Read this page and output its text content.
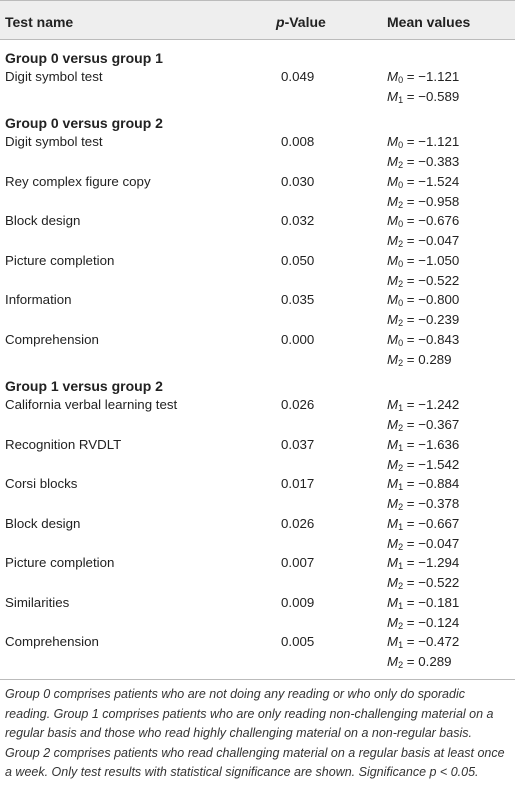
Test name	p-Value	Mean values
Group 0 versus group 1
Digit symbol test	0.049	M0 = −1.121
M1 = −0.589
Group 0 versus group 2
Digit symbol test	0.008	M0 = −1.121
M2 = −0.383
Rey complex figure copy	0.030	M0 = −1.524
M2 = −0.958
Block design	0.032	M0 = −0.676
M2 = −0.047
Picture completion	0.050	M0 = −1.050
M2 = −0.522
Information	0.035	M0 = −0.800
M2 = −0.239
Comprehension	0.000	M0 = −0.843
M2 = 0.289
Group 1 versus group 2
California verbal learning test	0.026	M1 = −1.242
M2 = −0.367
Recognition RVDLT	0.037	M1 = −1.636
M2 = −1.542
Corsi blocks	0.017	M1 = −0.884
M2 = −0.378
Block design	0.026	M1 = −0.667
M2 = −0.047
Picture completion	0.007	M1 = −1.294
M2 = −0.522
Similarities	0.009	M1 = −0.181
M2 = −0.124
Comprehension	0.005	M1 = −0.472
M2 = 0.289
Group 0 comprises patients who are not doing any reading or who only do sporadic reading. Group 1 comprises patients who are only reading non-challenging material on a regular basis and those who read highly challenging material on a non-regular basis. Group 2 comprises patients who read challenging material on a regular basis at least once a week. Only test results with statistical significance are shown. Significance p < 0.05.
